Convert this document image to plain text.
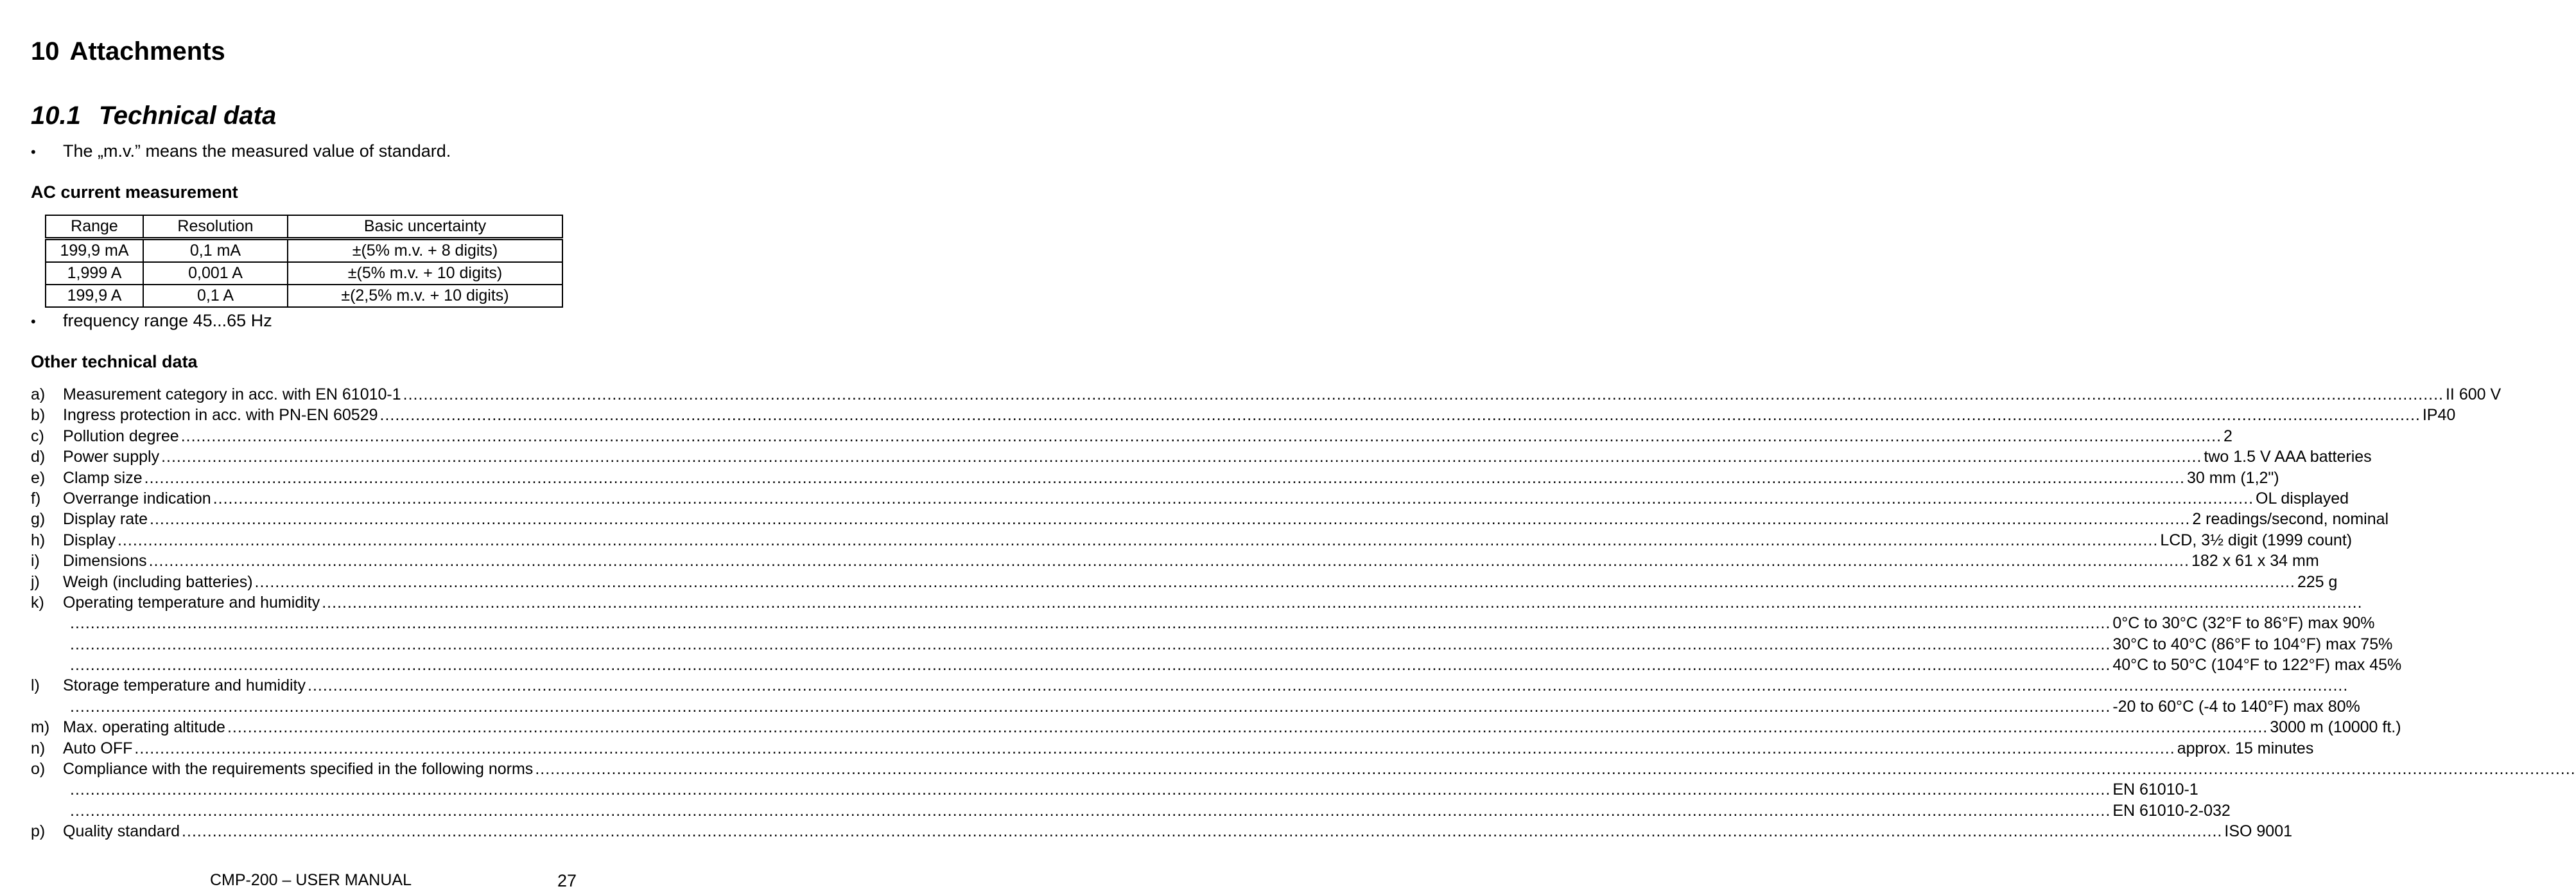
10 Attachments
10.1 Technical data
• The „m.v.” means the measured value of standard.
AC current measurement
Range	Resolution	Basic uncertainty
199,9 mA	0,1 mA	±(5% m.v. + 8 digits)
1,999 A	0,001 A	±(5% m.v. + 10 digits)
199,9 A	0,1 A	±(2,5% m.v. + 10 digits)
• frequency range 45...65 Hz
Other technical data
a)	Measurement category in acc. with EN 61010-1 ................................................................................................................................................................................................................................................................................................................................................................................................................ II 600 V
b)	Ingress protection in acc. with PN-EN 60529 ................................................................................................................................................................................................................................................................................................................................................................................................................ IP40
c)	Pollution degree ................................................................................................................................................................................................................................................................................................................................................................................................................ 2
d)	Power supply ................................................................................................................................................................................................................................................................................................................................................................................................................ two 1.5 V AAA batteries
e)	Clamp size ................................................................................................................................................................................................................................................................................................................................................................................................................ 30 mm (1,2")
f)	Overrange indication ................................................................................................................................................................................................................................................................................................................................................................................................................ OL displayed
g)	Display rate ................................................................................................................................................................................................................................................................................................................................................................................................................ 2 readings/second, nominal
h)	Display ................................................................................................................................................................................................................................................................................................................................................................................................................ LCD, 3½ digit (1999 count)
i)	Dimensions ................................................................................................................................................................................................................................................................................................................................................................................................................ 182 x 61 x 34 mm
j)	Weigh (including batteries) ................................................................................................................................................................................................................................................................................................................................................................................................................ 225 g
k)	Operating temperature and humidity ................................................................................................................................................................................................................................................................................................................................................................................................................
................................................................................................................................................................................................................................................................................................................................................................................................................ 0°C to 30°C (32°F to 86°F) max 90%
................................................................................................................................................................................................................................................................................................................................................................................................................ 30°C to 40°C (86°F to 104°F) max 75%
................................................................................................................................................................................................................................................................................................................................................................................................................ 40°C to 50°C (104°F to 122°F) max 45%
l)	Storage temperature and humidity ................................................................................................................................................................................................................................................................................................................................................................................................................
................................................................................................................................................................................................................................................................................................................................................................................................................ -20 to 60°C (-4 to 140°F) max 80%
m) Max. operating altitude ................................................................................................................................................................................................................................................................................................................................................................................................................ 3000 m (10000 ft.)
n)	Auto OFF ................................................................................................................................................................................................................................................................................................................................................................................................................ approx. 15 minutes
o)	Compliance with the requirements specified in the following norms ................................................................................................................................................................................................................................................................................................................................................................................................................
................................................................................................................................................................................................................................................................................................................................................................................................................ EN 61010-1
................................................................................................................................................................................................................................................................................................................................................................................................................ EN 61010-2-032
p)	Quality standard ................................................................................................................................................................................................................................................................................................................................................................................................................ ISO 9001
CMP-200 – USER MANUAL	27
